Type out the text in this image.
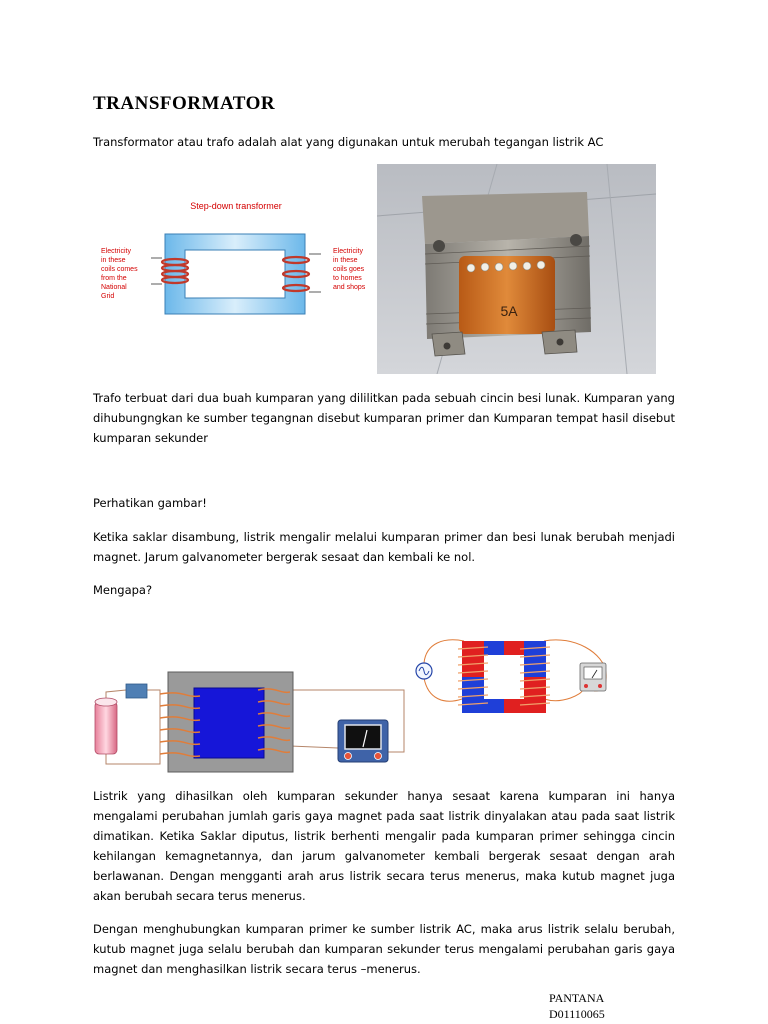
TRANSFORMATOR

Transformator atau trafo adalah alat yang digunakan untuk merubah tegangan listrik AC

Step-down transformer
Electricity in these coils comes from the National Grid
Electricity in these coils goes to homes and shops
5A

Trafo terbuat dari dua buah kumparan yang dililitkan pada sebuah cincin besi lunak. Kumparan yang dihubungngkan ke sumber tegangnan disebut kumparan primer dan Kumparan tempat hasil disebut kumparan sekunder

Perhatikan gambar!

Ketika saklar disambung, listrik mengalir melalui kumparan primer dan besi lunak berubah menjadi magnet. Jarum galvanometer bergerak sesaat dan kembali ke nol.

Mengapa?

Listrik yang dihasilkan oleh kumparan sekunder hanya sesaat karena kumparan ini hanya mengalami perubahan jumlah garis gaya magnet pada saat listrik dinyalakan atau pada saat listrik dimatikan. Ketika Saklar diputus, listrik berhenti mengalir pada kumparan primer sehingga cincin kehilangan kemagnetannya, dan jarum galvanometer kembali bergerak sesaat dengan arah berlawanan. Dengan mengganti arah arus listrik secara terus menerus, maka kutub magnet juga akan berubah secara terus menerus.

Dengan menghubungkan kumparan primer ke sumber listrik AC, maka arus listrik selalu berubah, kutub magnet juga selalu berubah dan kumparan sekunder terus mengalami perubahan garis gaya magnet dan menghasilkan listrik secara terus –menerus.

PANTANA
D01110065
